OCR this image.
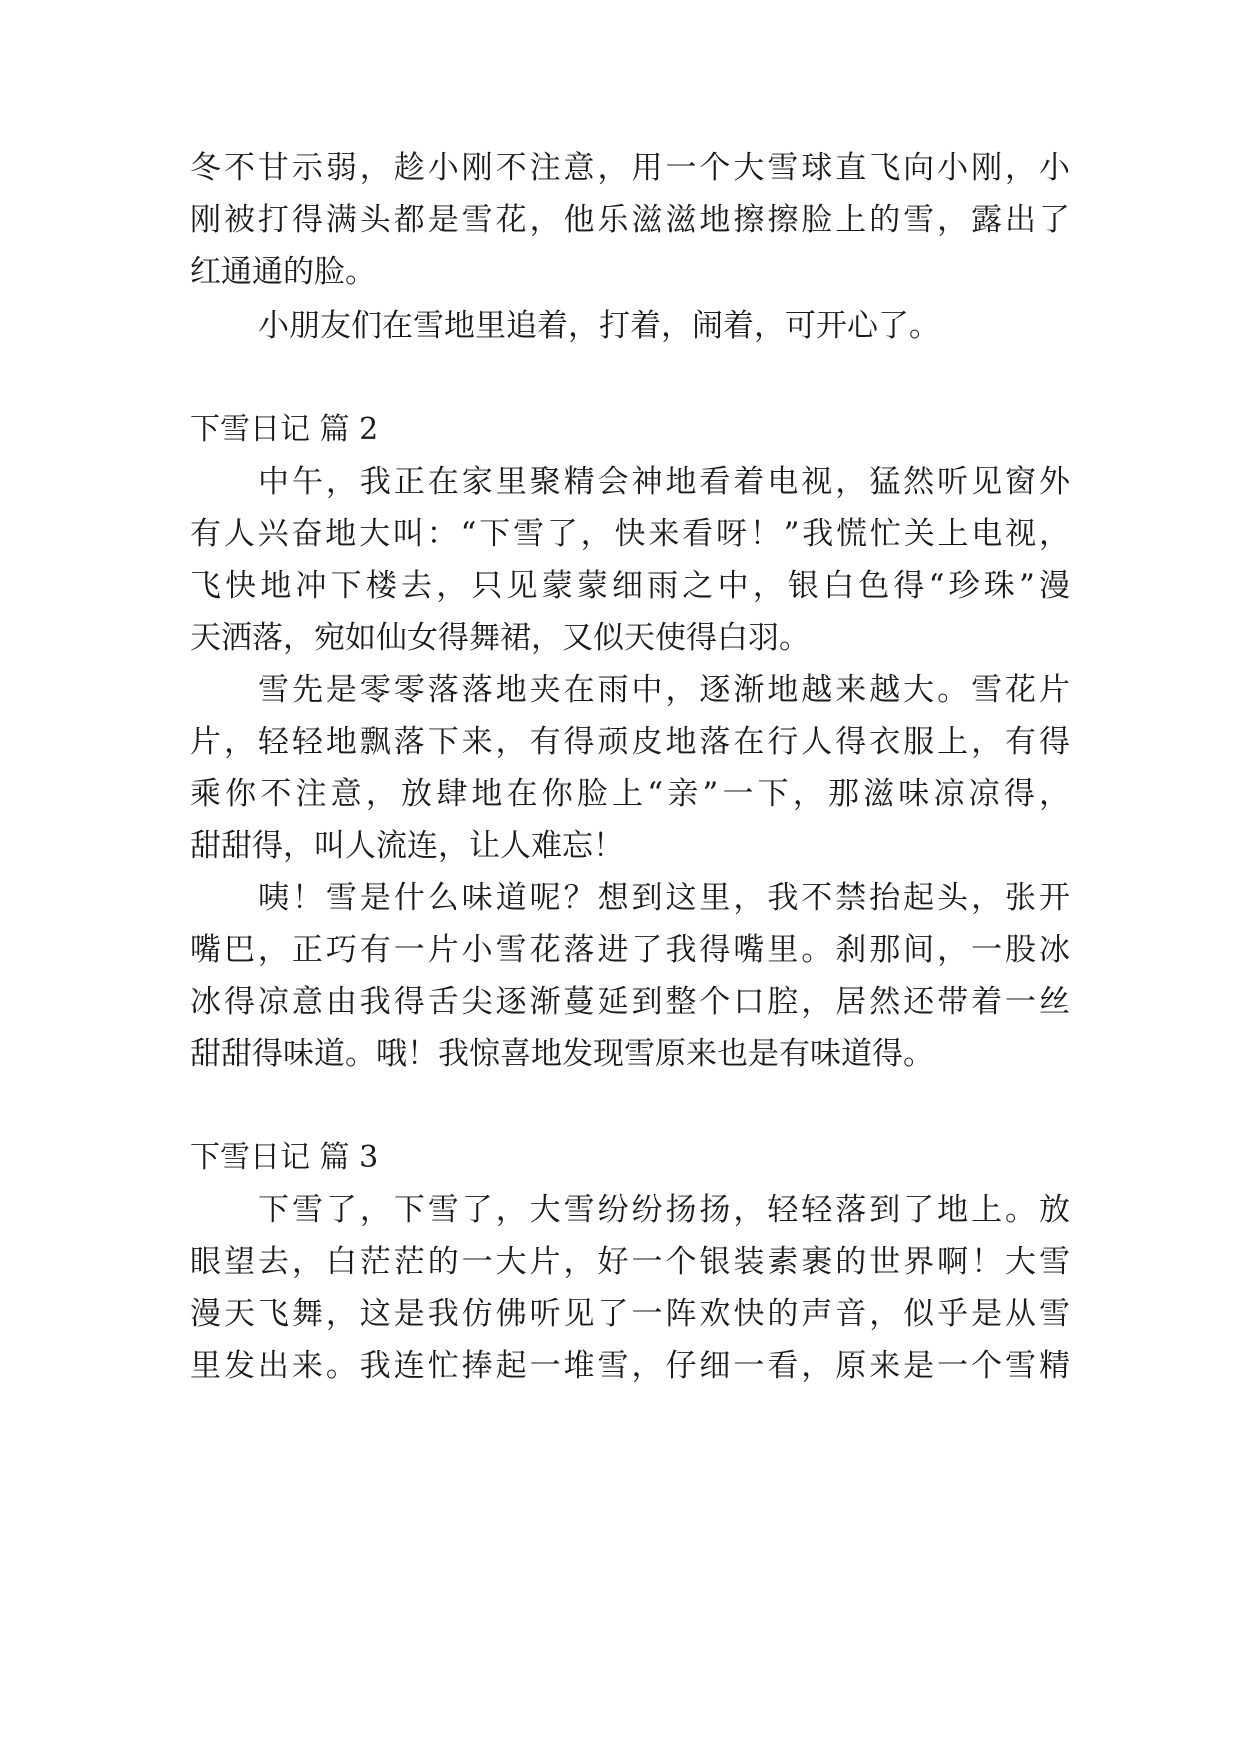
冬不甘示弱，趁小刚不注意，用一个大雪球直飞向小刚，小
刚被打得满头都是雪花，他乐滋滋地擦擦脸上的雪，露出了
红通通的脸。
小朋友们在雪地里追着，打着，闹着，可开心了。
下雪日记 篇 2
中午，我正在家里聚精会神地看着电视，猛然听见窗外
有人兴奋地大叫：“下雪了，快来看呀！”我慌忙关上电视，
飞快地冲下楼去，只见蒙蒙细雨之中，银白色得“珍珠”漫
天洒落，宛如仙女得舞裙，又似天使得白羽。
雪先是零零落落地夹在雨中，逐渐地越来越大。雪花片
片，轻轻地飘落下来，有得顽皮地落在行人得衣服上，有得
乘你不注意，放肆地在你脸上“亲”一下，那滋味凉凉得，
甜甜得，叫人流连，让人难忘！
咦！雪是什么味道呢？想到这里，我不禁抬起头，张开
嘴巴，正巧有一片小雪花落进了我得嘴里。刹那间，一股冰
冰得凉意由我得舌尖逐渐蔓延到整个口腔，居然还带着一丝
甜甜得味道。哦！我惊喜地发现雪原来也是有味道得。
下雪日记 篇 3
下雪了，下雪了，大雪纷纷扬扬，轻轻落到了地上。放
眼望去，白茫茫的一大片，好一个银装素裹的世界啊！大雪
漫天飞舞，这是我仿佛听见了一阵欢快的声音，似乎是从雪
里发出来。我连忙捧起一堆雪，仔细一看，原来是一个雪精
